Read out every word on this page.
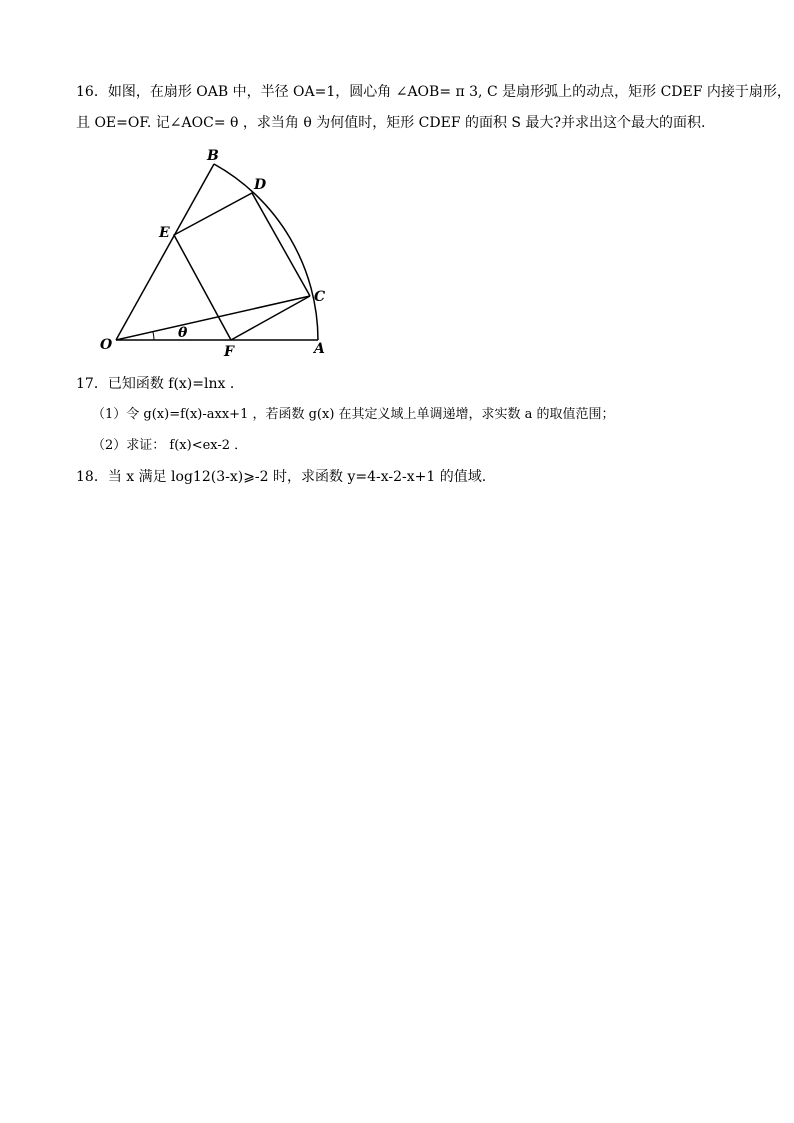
16．如图，在扇形 OAB 中，半径 OA=1，圆心角 ∠AOB= π 3, C 是扇形弧上的动点，矩形 CDEF 内接于扇形，
且 OE=OF. 记∠AOC= θ ，求当角 θ 为何值时，矩形 CDEF 的面积 S 最大?并求出这个最大的面积.
O	A
B
C
D
E
F
θ
17．已知函数 f(x)=lnx ．
（1）令 g(x)=f(x)-axx+1 ，若函数 g(x) 在其定义域上单调递增，求实数 a 的取值范围；
（2）求证： f(x)<ex-2 ．
18．当 x 满足 log12(3-x)⩾-2 时，求函数 y=4-x-2-x+1 的值域.
